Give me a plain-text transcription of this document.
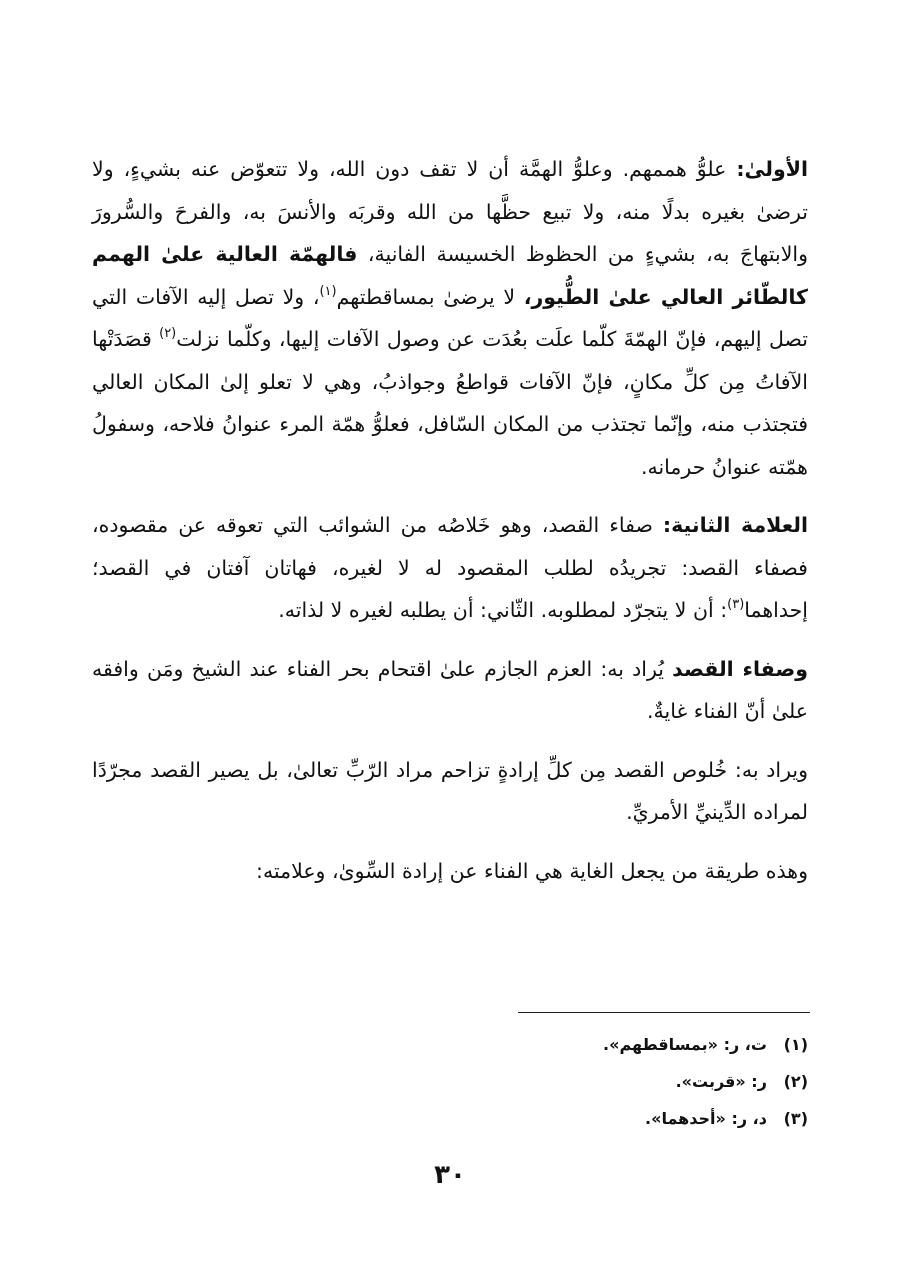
الأولىٰ: علوُّ هممهم. وعلوُّ الهمَّة أن لا تقف دون الله، ولا تتعوّض عنه بشيءٍ، ولا ترضىٰ بغيره بدلًا منه، ولا تبيع حظَّها من الله وقربَه والأنسَ به، والفرحَ والسُّرورَ والابتهاجَ به، بشيءٍ من الحظوظ الخسيسة الفانية، فالهمّة العالية علىٰ الهمم كالطّائر العالي علىٰ الطُّيور، لا يرضىٰ بمساقطتهم$^{(١)}$، ولا تصل إليه الآفات التي تصل إليهم، فإنّ الهمّةَ كلّما علَت بعُدَت عن وصول الآفات إليها، وكلّما نزلت$^{(٢)}$ قصَدَتْها الآفاتُ مِن كلِّ مكانٍ، فإنّ الآفات قواطعُ وجواذبُ، وهي لا تعلو إلىٰ المكان العالي فتجتذب منه، وإنّما تجتذب من المكان السّافل، فعلوُّ همّة المرء عنوانُ فلاحه، وسفولُ همّته عنوانُ حرمانه.

العلامة الثانية: صفاء القصد، وهو خَلاصُه من الشوائب التي تعوقه عن مقصوده، فصفاء القصد: تجريدُه لطلب المقصود له لا لغيره، فهاتان آفتان في القصد؛ إحداهما$^{(٣)}$: أن لا يتجرّد لمطلوبه. الثّاني: أن يطلبه لغيره لا لذاته.

وصفاء القصد يُراد به: العزم الجازم علىٰ اقتحام بحر الفناء عند الشيخ ومَن وافقه علىٰ أنّ الفناء غايةٌ.

ويراد به: خُلوص القصد مِن كلِّ إرادةٍ تزاحم مراد الرّبِّ تعالىٰ، بل يصير القصد مجرّدًا لمراده الدِّينيِّ الأمريِّ.

وهذه طريقة من يجعل الغاية هي الفناء عن إرادة السِّوىٰ، وعلامته:

(١) ت، ر: «بمساقطهم».
(٢) ر: «قربت».
(٣) د، ر: «أحدهما».
٣٠
